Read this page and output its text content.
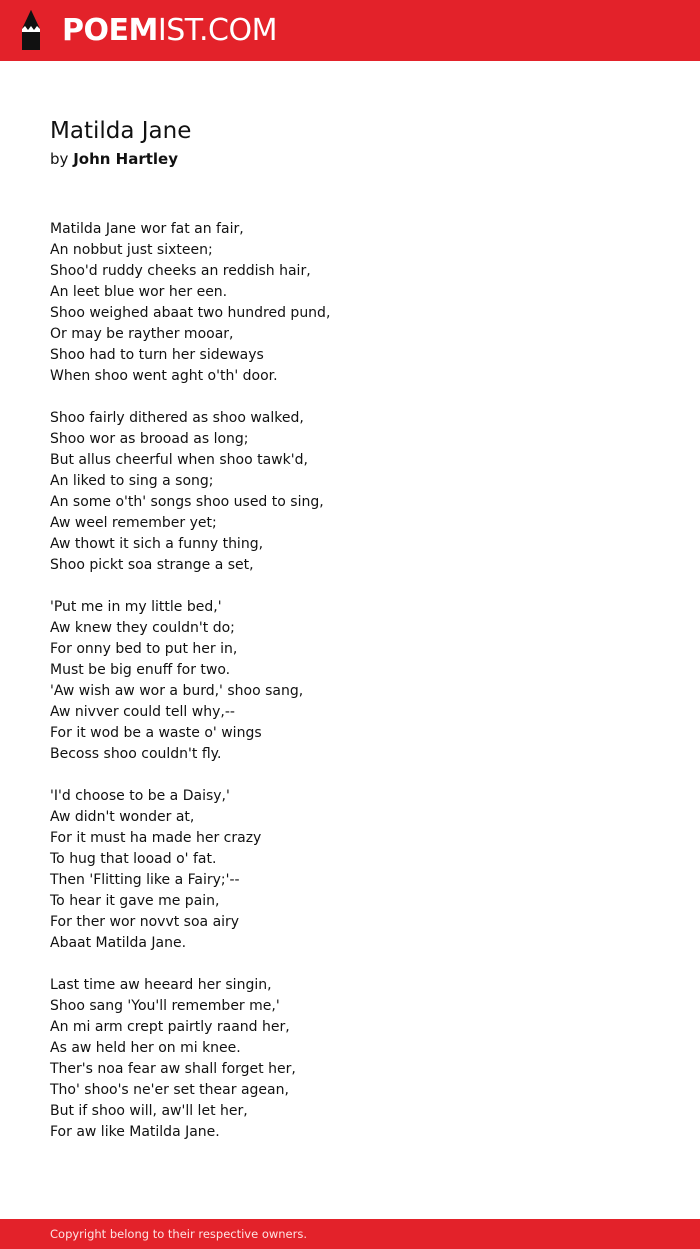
POEMIST.COM
Matilda Jane
by John Hartley
Matilda Jane wor fat an fair,
An nobbut just sixteen;
Shoo'd ruddy cheeks an reddish hair,
An leet blue wor her een.
Shoo weighed abaat two hundred pund,
Or may be rayther mooar,
Shoo had to turn her sideways
When shoo went aght o'th' door.
Shoo fairly dithered as shoo walked,
Shoo wor as brooad as long;
But allus cheerful when shoo tawk'd,
An liked to sing a song;
An some o'th' songs shoo used to sing,
Aw weel remember yet;
Aw thowt it sich a funny thing,
Shoo pickt soa strange a set,
'Put me in my little bed,'
Aw knew they couldn't do;
For onny bed to put her in,
Must be big enuff for two.
'Aw wish aw wor a burd,' shoo sang,
Aw nivver could tell why,--
For it wod be a waste o' wings
Becoss shoo couldn't fly.
'I'd choose to be a Daisy,'
Aw didn't wonder at,
For it must ha made her crazy
To hug that looad o' fat.
Then 'Flitting like a Fairy;'--
To hear it gave me pain,
For ther wor novvt soa airy
Abaat Matilda Jane.
Last time aw heeard her singin,
Shoo sang 'You'll remember me,'
An mi arm crept pairtly raand her,
As aw held her on mi knee.
Ther's noa fear aw shall forget her,
Tho' shoo's ne'er set thear agean,
But if shoo will, aw'll let her,
For aw like Matilda Jane.
Copyright belong to their respective owners.
